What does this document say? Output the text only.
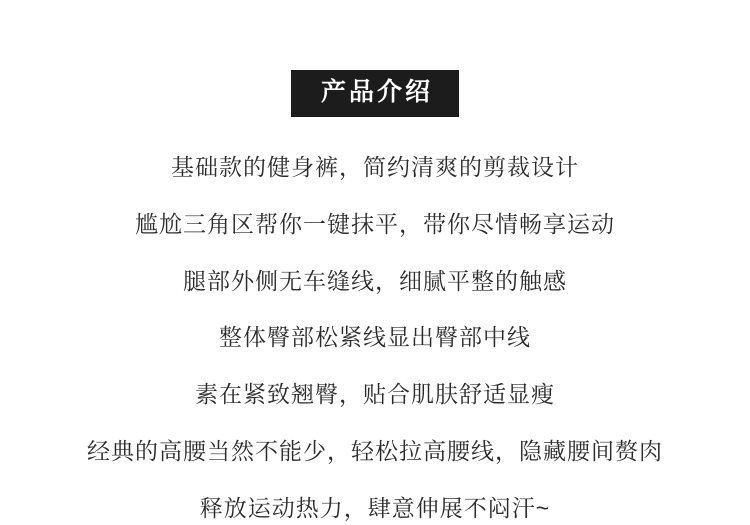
产品介绍
基础款的健身裤，简约清爽的剪裁设计
尴尬三角区帮你一键抹平，带你尽情畅享运动
腿部外侧无车缝线，细腻平整的触感
整体臀部松紧线显出臀部中线
素在紧致翘臀，贴合肌肤舒适显瘦
经典的高腰当然不能少，轻松拉高腰线，隐藏腰间赘肉
释放运动热力，肆意伸展不闷汗~
